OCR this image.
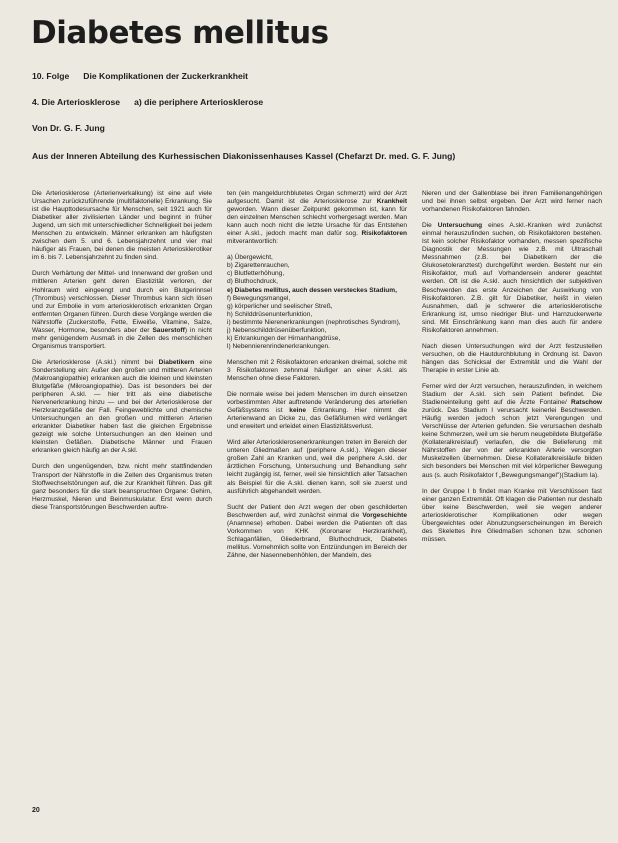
Diabetes mellitus

10. Folge Die Komplikationen der Zuckerkrankheit

4. Die Arteriosklerose a) die periphere Arteriosklerose

Von Dr. G. F. Jung

Aus der Inneren Abteilung des Kurhessischen Diakonissenhauses Kassel (Chefarzt Dr. med. G. F. Jung)

Die Arteriosklerose (Arterienverkalkung) ist eine auf viele Ursachen zurückzuführende (multifaktorielle) Erkrankung. Sie ist die Haupttodesursache für Menschen, seit 1921 auch für Diabetiker aller zivilisierten Länder und beginnt in früher Jugend, um sich mit unterschiedlicher Schnelligkeit bei jedem Menschen zu entwickeln. Männer erkranken am häufigsten zwischen dem 5. und 6. Lebensjahrzehnt und vier mal häufiger als Frauen, bei denen die meisten Arteriosklerotiker im 6. bis 7. Lebensjahrzehnt zu finden sind.

Durch Verhärtung der Mittel- und Innenwand der großen und mittleren Arterien geht deren Elastizität verloren, der Hohlraum wird eingeengt und durch ein Blutgerinnsel (Thrombus) verschlossen. Dieser Thrombus kann sich lösen und zur Embolie in vom arteriosklerotisch erkrankten Organ entfernten Organen führen. Durch diese Vorgänge werden die Nährstoffe (Zuckerstoffe, Fette, Eiweiße, Vitamine, Salze, Wasser, Hormone, besonders aber der Sauerstoff) in nicht mehr genügendem Ausmaß in die Zellen des menschlichen Organismus transportiert.

Die Arteriosklerose (A.skl.) nimmt bei Diabetikern eine Sonderstellung ein: Außer den großen und mittleren Arterien (Makroangiopathie) erkranken auch die kleinen und kleinsten Blutgefäße (Mikroangiopathie). Das ist besonders bei der peripheren A.skl. — hier tritt als eine diabetische Nervenerkrankung hinzu — und bei der Arteriosklerose der Herzkranzgefäße der Fall. Feingeweblichte und chemische Untersuchungen an den großen und mittleren Arterien erkrankter Diabetiker haben fast die gleichen Ergebnisse gezeigt wie solche Untersuchungen an den kleinen und kleinsten Gefäßen. Diabetische Männer und Frauen erkranken gleich häufig an der A.skl.

Durch den ungenügenden, bzw. nicht mehr stattfindenden Transport der Nährstoffe in die Zellen des Organismus treten Stoffwechselstörungen auf, die zur Krankheit führen. Das gilt ganz besonders für die stark beanspruchten Organe: Gehirn, Herzmuskel, Nieren und Beinmuskulatur. Erst wenn durch diese Transportstörungen Beschwerden auftre-

ten (ein mangeldurchblutetes Organ schmerzt) wird der Arzt aufgesucht. Damit ist die Arteriosklerose zur Krankheit geworden. Wann dieser Zeitpunkt gekommen ist, kann für den einzelnen Menschen schlecht vorhergesagt werden. Man kann auch noch nicht die letzte Ursache für das Entstehen einer A.skl., jedoch macht man dafür sog. Risikofaktoren mitverantwortlich:

a) Übergewicht,
b) Zigarettenrauchen,
c) Blutfetterhöhung,
d) Bluthochdruck,
e) Diabetes mellitus, auch dessen versteckes Stadium,
f) Bewegungsmangel,
g) körperlicher und seelischer Streß,
h) Schilddrüsenunterfunktion,
i) bestimmte Nierenerkrankungen (nephrotisches Syndrom),
j) Nebenschilddrüsenüberfunktion,
k) Erkrankungen der Hirnanhangdrüse,
l) Nebennierenrindenerkrankungen.

Menschen mit 2 Risikofaktoren erkranken dreimal, solche mit 3 Risikofaktoren zehnmal häufiger an einer A.skl. als Menschen ohne diese Faktoren.

Die normale weise bei jedem Menschen im durch einsetzen vorbestimmten Alter auftretende Veränderung des arteriellen Gefäßsystems ist keine Erkrankung. Hier nimmt die Arterienwand an Dicke zu, das Gefäßlumen wird verlängert und erweitert und erleidet einen Elastizitätsverlust.

Wird aller Arteriosklerosenerkrankungen treten im Bereich der unteren Gliedmaßen auf (periphere A.skl.). Wegen dieser großen Zahl an Kranken und, weil die periphere A.skl. der ärztlichen Forschung, Untersuchung und Behandlung sehr leicht zugängig ist, ferner, weil sie hinsichtlich aller Tatsachen als Beispiel für die A.skl. dienen kann, soll sie zuerst und ausführlich abgehandelt werden.

Sucht der Patient den Arzt wegen der oben geschilderten Beschwerden auf, wird zunächst einmal die Vorgeschichte (Anamnese) erhoben. Dabei werden die Patienten oft das Vorkommen von KHK (Koronarer Herzkrankheit), Schlaganfällen, Gliederbrand, Bluthochdruck, Diabetes mellitus. Vornehmlich sollte von Entzündungen im Bereich der Zähne, der Nasennebenhöhlen, der Mandeln, des

Nieren und der Gallenblase bei ihren Familienangehörigen und bei ihnen selbst ergeben. Der Arzt wird ferner nach vorhandenen Risikofaktoren fahnden.

Die Untersuchung eines A.skl.-Kranken wird zunächst einmal herauszufinden suchen, ob Risikofaktoren bestehen. Ist kein solcher Risikofaktor vorhanden, messen spezifische Diagnostik der Messungen wie z.B. mit Ultraschall Messnahmen (z.B. bei Diabetikern der die Glukosetoleranztest) durchgeführt werden. Besteht nur ein Risikofaktor, muß auf Vorhandensein anderer geachtet werden. Oft ist die A.skl. auch hinsichtlich der subjektiven Beschwerden das erste Anzeichen der Auswirkung von Risikofaktoren. Z.B. gilt für Diabetiker, heißt in vielen Ausnahmen, daß je schwerer die arteriosklerotische Erkrankung ist, umso niedriger Blut- und Harnzuckerwerte sind. Mit Einschränkung kann man dies auch für andere Risikofaktoren annehmen.

Nach diesen Untersuchungen wird der Arzt festzustellen versuchen, ob die Hautdurchblutung in Ordnung ist. Davon hängen das Schicksal der Extremität und die Wahl der Therapie in erster Linie ab.

Ferner wird der Arzt versuchen, herauszufinden, in welchem Stadium der A.skl. sich sein Patient befindet. Die Stadieneinteilung geht auf die Ärzte Fontaine/ Ratschow zurück. Das Stadium I verursacht keinerlei Beschwerden. Häufig werden jedoch schon jetzt Verengungen und Verschlüsse der Arterien gefunden. Sie verursachen deshalb keine Schmerzen, weil um sie herum neugebildete Blutgefäße (Kollateralkreislauf) verlaufen, die die Belieferung mit Nährstoffen der von der erkrankten Arterie versorgten Muskelzellen übernehmen. Diese Kollateralkreisläufe bilden sich besonders bei Menschen mit viel körperlicher Bewegung aus (s. auch Risikofaktor f „Bewegungsmangel")(Stadium Ia).

In der Gruppe I b findet man Kranke mit Verschlüssen fast einer ganzen Extremität. Oft klagen die Patienten nur deshalb über keine Beschwerden, weil sie wegen anderer arteriosklerotischer Komplikationen oder wegen Übergewichtes oder Abnutzungserscheinungen im Bereich des Skelettes ihre Gliedmaßen schonen bzw. schonen müssen.

20
